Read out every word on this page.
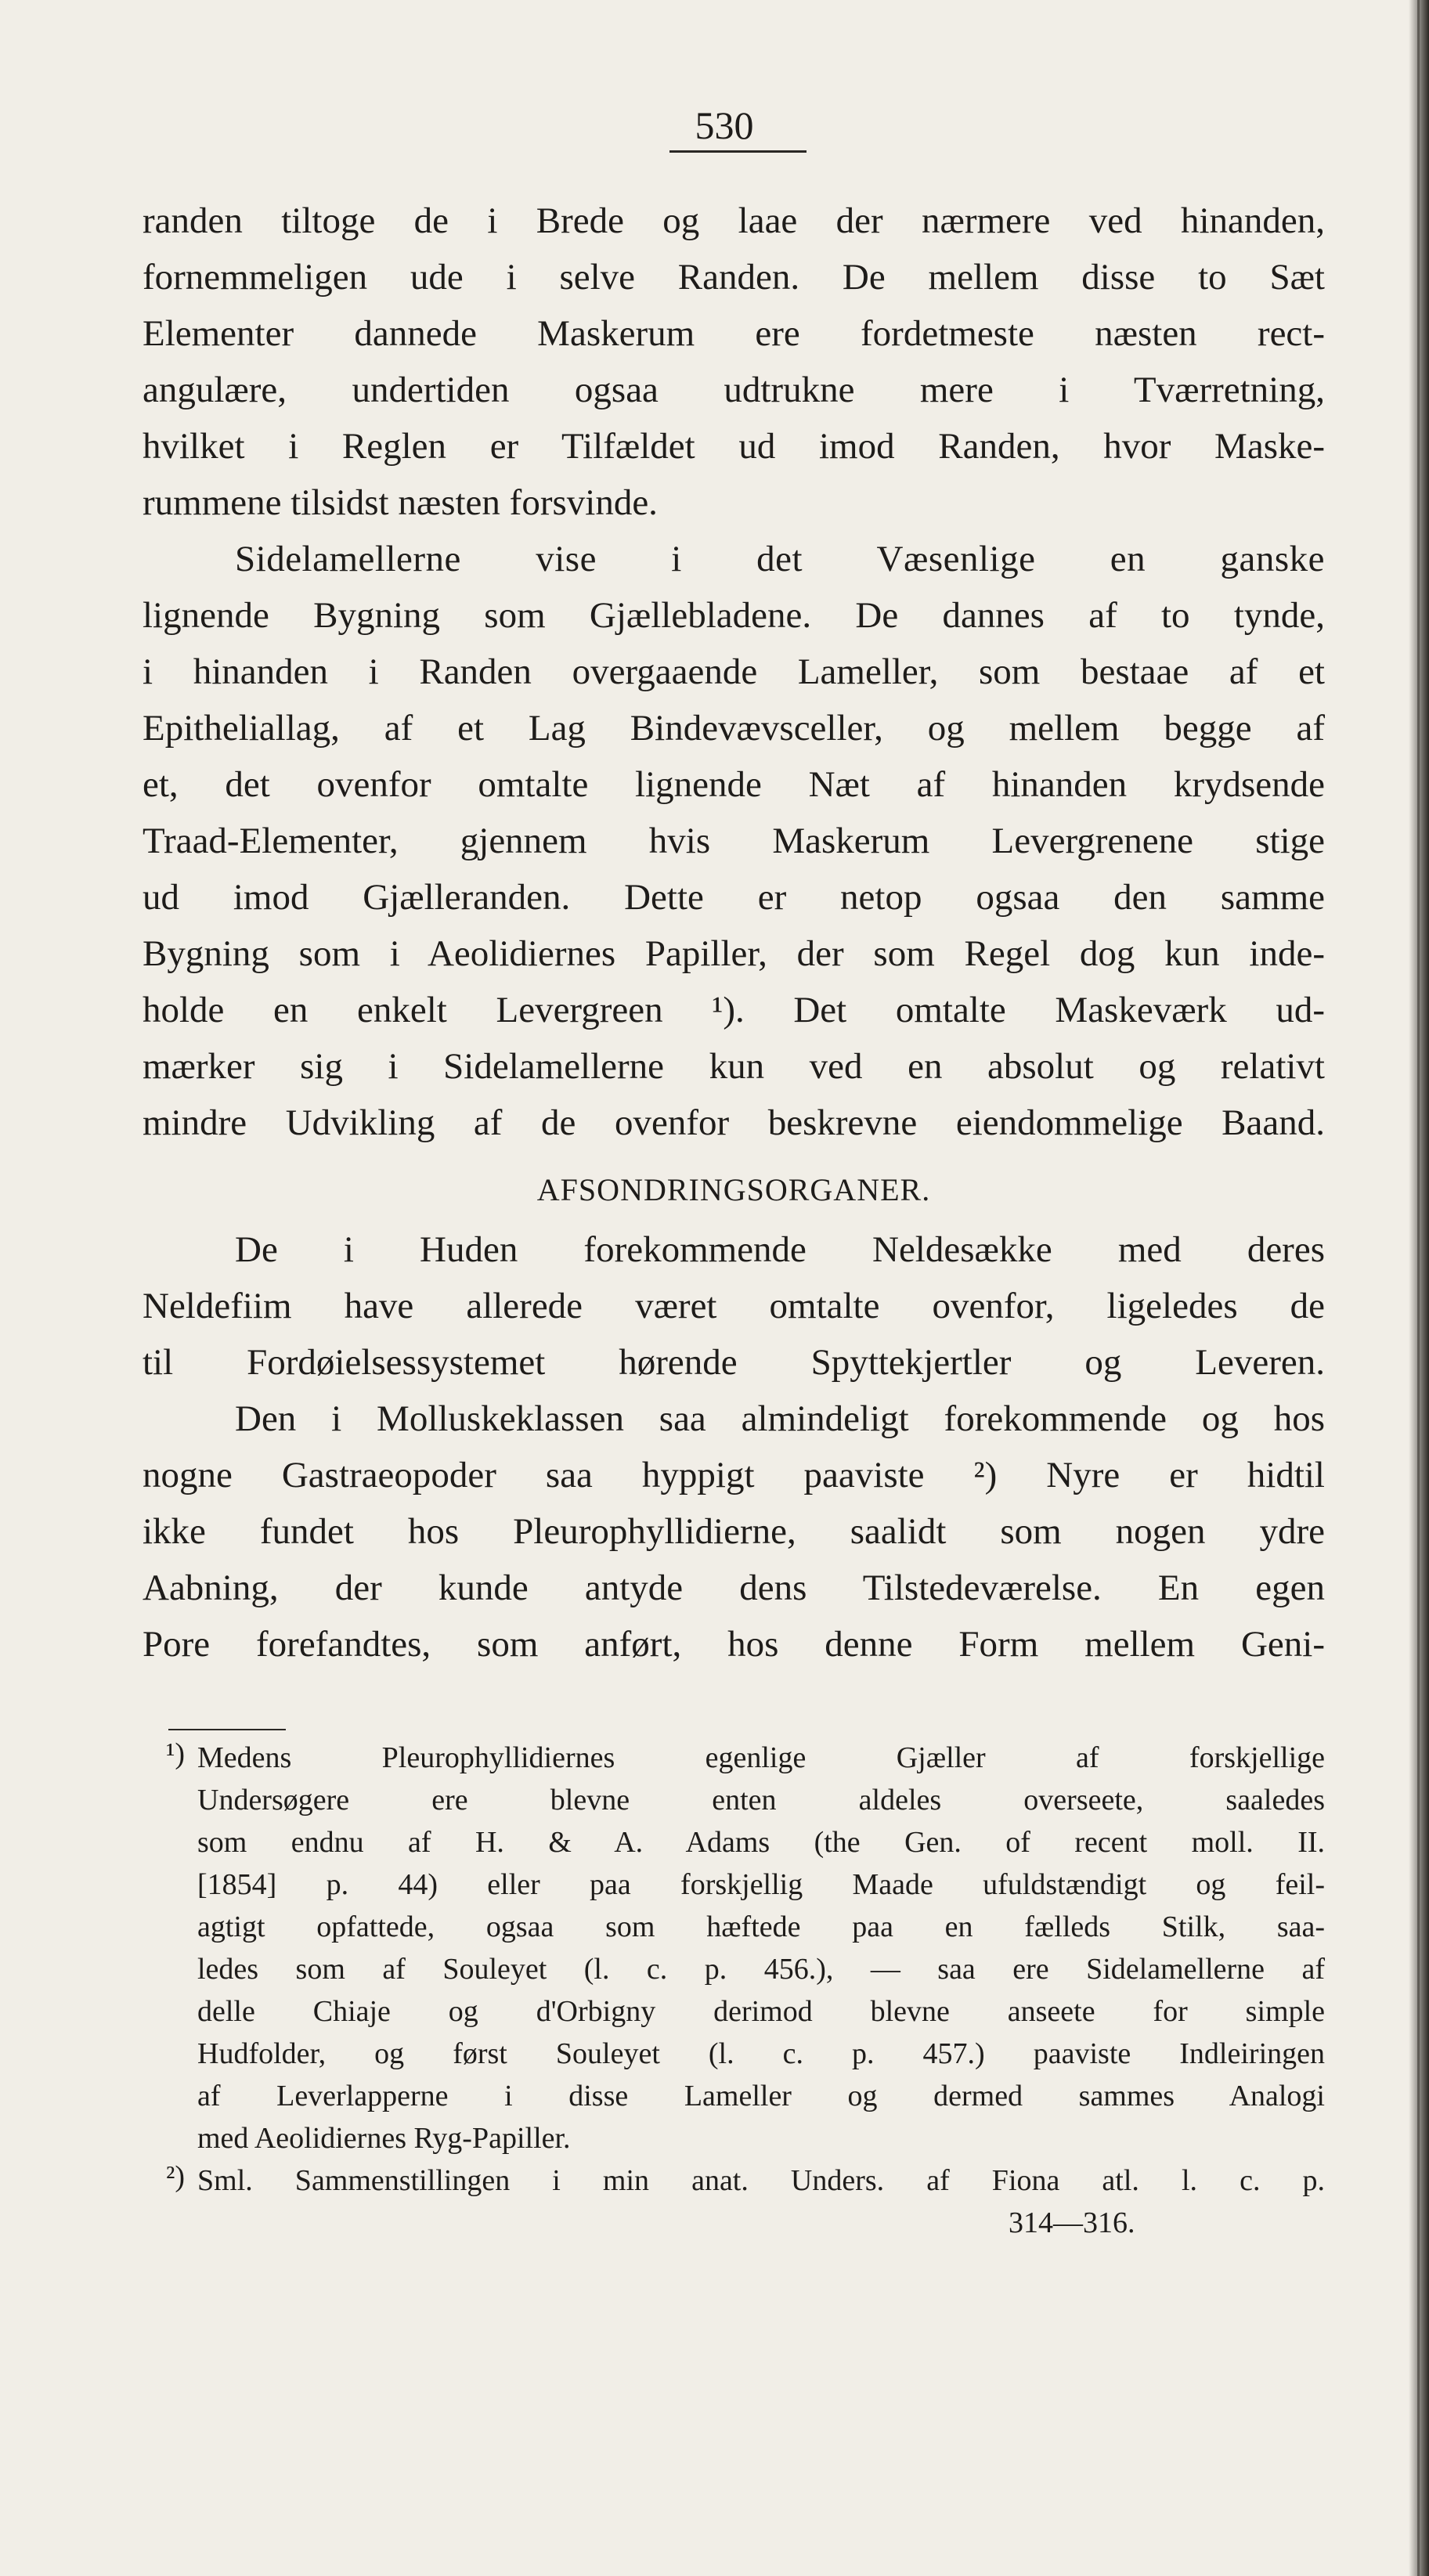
530
randen tiltoge de i Brede og laae der nærmere ved hinanden,
fornemmeligen ude i selve Randen. De mellem disse to Sæt
Elementer dannede Maskerum ere fordetmeste næsten rect-
angulære, undertiden ogsaa udtrukne mere i Tværretning,
hvilket i Reglen er Tilfældet ud imod Randen, hvor Maske-
rummene tilsidst næsten forsvinde.
Sidelamellerne vise i det Væsenlige en ganske
lignende Bygning som Gjællebladene. De dannes af to tynde,
i hinanden i Randen overgaaende Lameller, som bestaae af et
Epitheliallag, af et Lag Bindevævsceller, og mellem begge af
et, det ovenfor omtalte lignende Næt af hinanden krydsende
Traad-Elementer, gjennem hvis Maskerum Levergrenene stige
ud imod Gjælleranden. Dette er netop ogsaa den samme
Bygning som i Aeolidiernes Papiller, der som Regel dog kun inde-
holde en enkelt Levergreen ¹). Det omtalte Maskeværk ud-
mærker sig i Sidelamellerne kun ved en absolut og relativt
mindre Udvikling af de ovenfor beskrevne eiendommelige Baand.
AFSONDRINGSORGANER.
De i Huden forekommende Neldesække med deres
Neldefiim have allerede været omtalte ovenfor, ligeledes de
til Fordøielsessystemet hørende Spyttekjertler og Leveren.
Den i Molluskeklassen saa almindeligt forekommende og hos
nogne Gastraeopoder saa hyppigt paaviste ²) Nyre er hidtil
ikke fundet hos Pleurophyllidierne, saalidt som nogen ydre
Aabning, der kunde antyde dens Tilstedeværelse. En egen
Pore forefandtes, som anført, hos denne Form mellem Geni-
¹) Medens Pleurophyllidiernes egenlige Gjæller af forskjellige
Undersøgere ere blevne enten aldeles overseete, saaledes
som endnu af H. & A. Adams (the Gen. of recent moll. II.
[1854] p. 44) eller paa forskjellig Maade ufuldstændigt og feil-
agtigt opfattede, ogsaa som hæftede paa en fælleds Stilk, saa-
ledes som af Souleyet (l. c. p. 456.), — saa ere Sidelamellerne af
delle Chiaje og d'Orbigny derimod blevne anseete for simple
Hudfolder, og først Souleyet (l. c. p. 457.) paaviste Indleiringen
af Leverlapperne i disse Lameller og dermed sammes Analogi
med Aeolidiernes Ryg-Papiller.
²) Sml. Sammenstillingen i min anat. Unders. af Fiona atl. l. c. p.
314—316.
